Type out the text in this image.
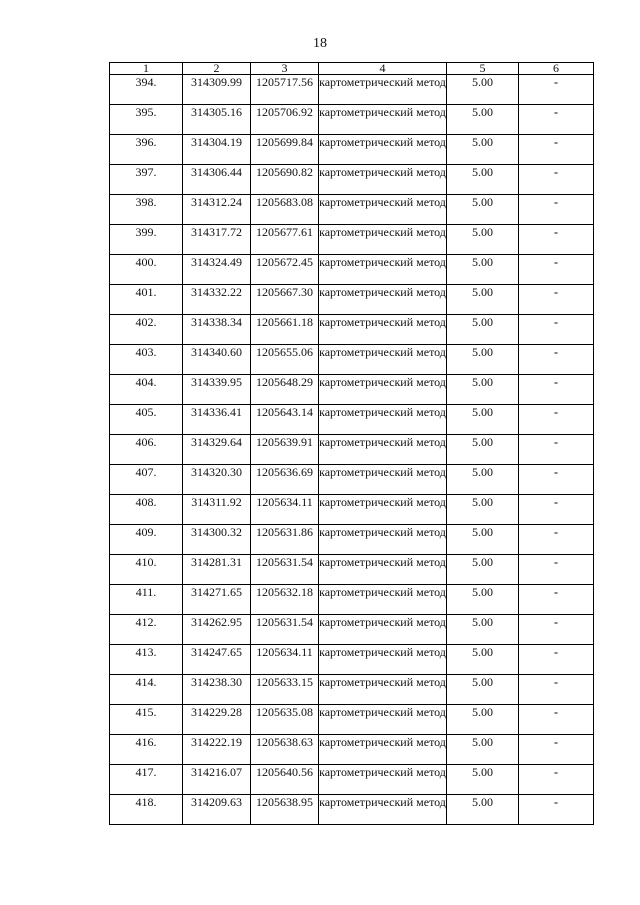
18
1	2	3	4	5	6
394.	314309.99	1205717.56	картометрический метод	5.00	-
395.	314305.16	1205706.92	картометрический метод	5.00	-
396.	314304.19	1205699.84	картометрический метод	5.00	-
397.	314306.44	1205690.82	картометрический метод	5.00	-
398.	314312.24	1205683.08	картометрический метод	5.00	-
399.	314317.72	1205677.61	картометрический метод	5.00	-
400.	314324.49	1205672.45	картометрический метод	5.00	-
401.	314332.22	1205667.30	картометрический метод	5.00	-
402.	314338.34	1205661.18	картометрический метод	5.00	-
403.	314340.60	1205655.06	картометрический метод	5.00	-
404.	314339.95	1205648.29	картометрический метод	5.00	-
405.	314336.41	1205643.14	картометрический метод	5.00	-
406.	314329.64	1205639.91	картометрический метод	5.00	-
407.	314320.30	1205636.69	картометрический метод	5.00	-
408.	314311.92	1205634.11	картометрический метод	5.00	-
409.	314300.32	1205631.86	картометрический метод	5.00	-
410.	314281.31	1205631.54	картометрический метод	5.00	-
411.	314271.65	1205632.18	картометрический метод	5.00	-
412.	314262.95	1205631.54	картометрический метод	5.00	-
413.	314247.65	1205634.11	картометрический метод	5.00	-
414.	314238.30	1205633.15	картометрический метод	5.00	-
415.	314229.28	1205635.08	картометрический метод	5.00	-
416.	314222.19	1205638.63	картометрический метод	5.00	-
417.	314216.07	1205640.56	картометрический метод	5.00	-
418.	314209.63	1205638.95	картометрический метод	5.00	-
